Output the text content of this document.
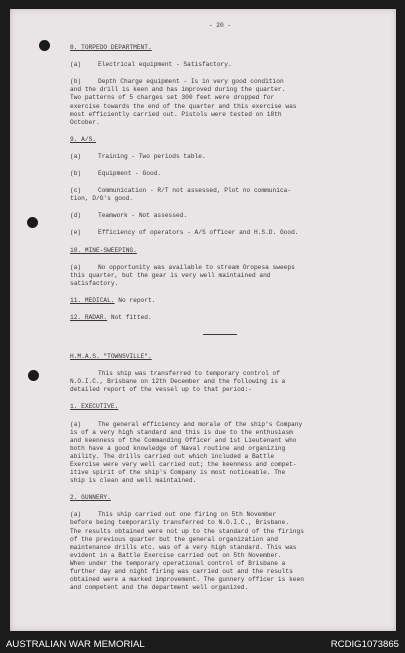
- 20 -
8. TORPEDO DEPARTMENT.
(a)	Electrical equipment - Satisfactory.
(b)	Depth Charge equipment - Is in very good condition
and the drill is keen and has improved during the quarter.
Two patterns of 5 charges set 300 feet were dropped for
exercise towards the end of the quarter and this exercise was
most efficiently carried out. Pistols were tested on 18th
October.
9. A/S.
(a)	Training - Two periods table.
(b)	Equipment - Good.
(c)	Communication - R/T not assessed, Plot no communica-
tion, D/G's good.
(d)	Teamwork - Not assessed.
(e)	Efficiency of operators - A/S officer and H.S.D. Good.
10. MINE-SWEEPING.
(a)	No opportunity was available to stream Oropesa sweeps
this quarter, but the gear is very well maintained and
satisfactory.
11. MEDICAL. No report.
12. RADAR. Not fitted.
H.M.A.S. "TOWNSVILLE".
This ship was transferred to temporary control of
N.O.I.C., Brisbane on 12th December and the following is a
detailed report of the vessel up to that period:-
1. EXECUTIVE.
(a)	The general efficiency and morale of the ship's Company
is of a very high standard and this is due to the enthusiasm
and keenness of the Commanding Officer and 1st Lieutenant who
both have a good knowledge of Naval routine and organizing
ability. The drills carried out which included a Battle
Exercise were very well carried out; the keenness and compet-
itive spirit of the ship's Company is most noticeable. The
ship is clean and well maintained.
2. GUNNERY.
(a)	This ship carried out one firing on 5th November
before being temporarily transferred to N.O.I.C., Brisbane.
The results obtained were not up to the standard of the firings
of the previous quarter but the general organization and
maintenance drills etc. was of a very high standard. This was
evident in a Battle Exercise carried out on 5th November.
When under the temporary operational control of Brisbane a
further day and night firing was carried out and the results
obtained were a marked improvement. The gunnery officer is keen
and competent and the department well organized.
AUSTRALIAN WAR MEMORIAL	RCDIG1073865
